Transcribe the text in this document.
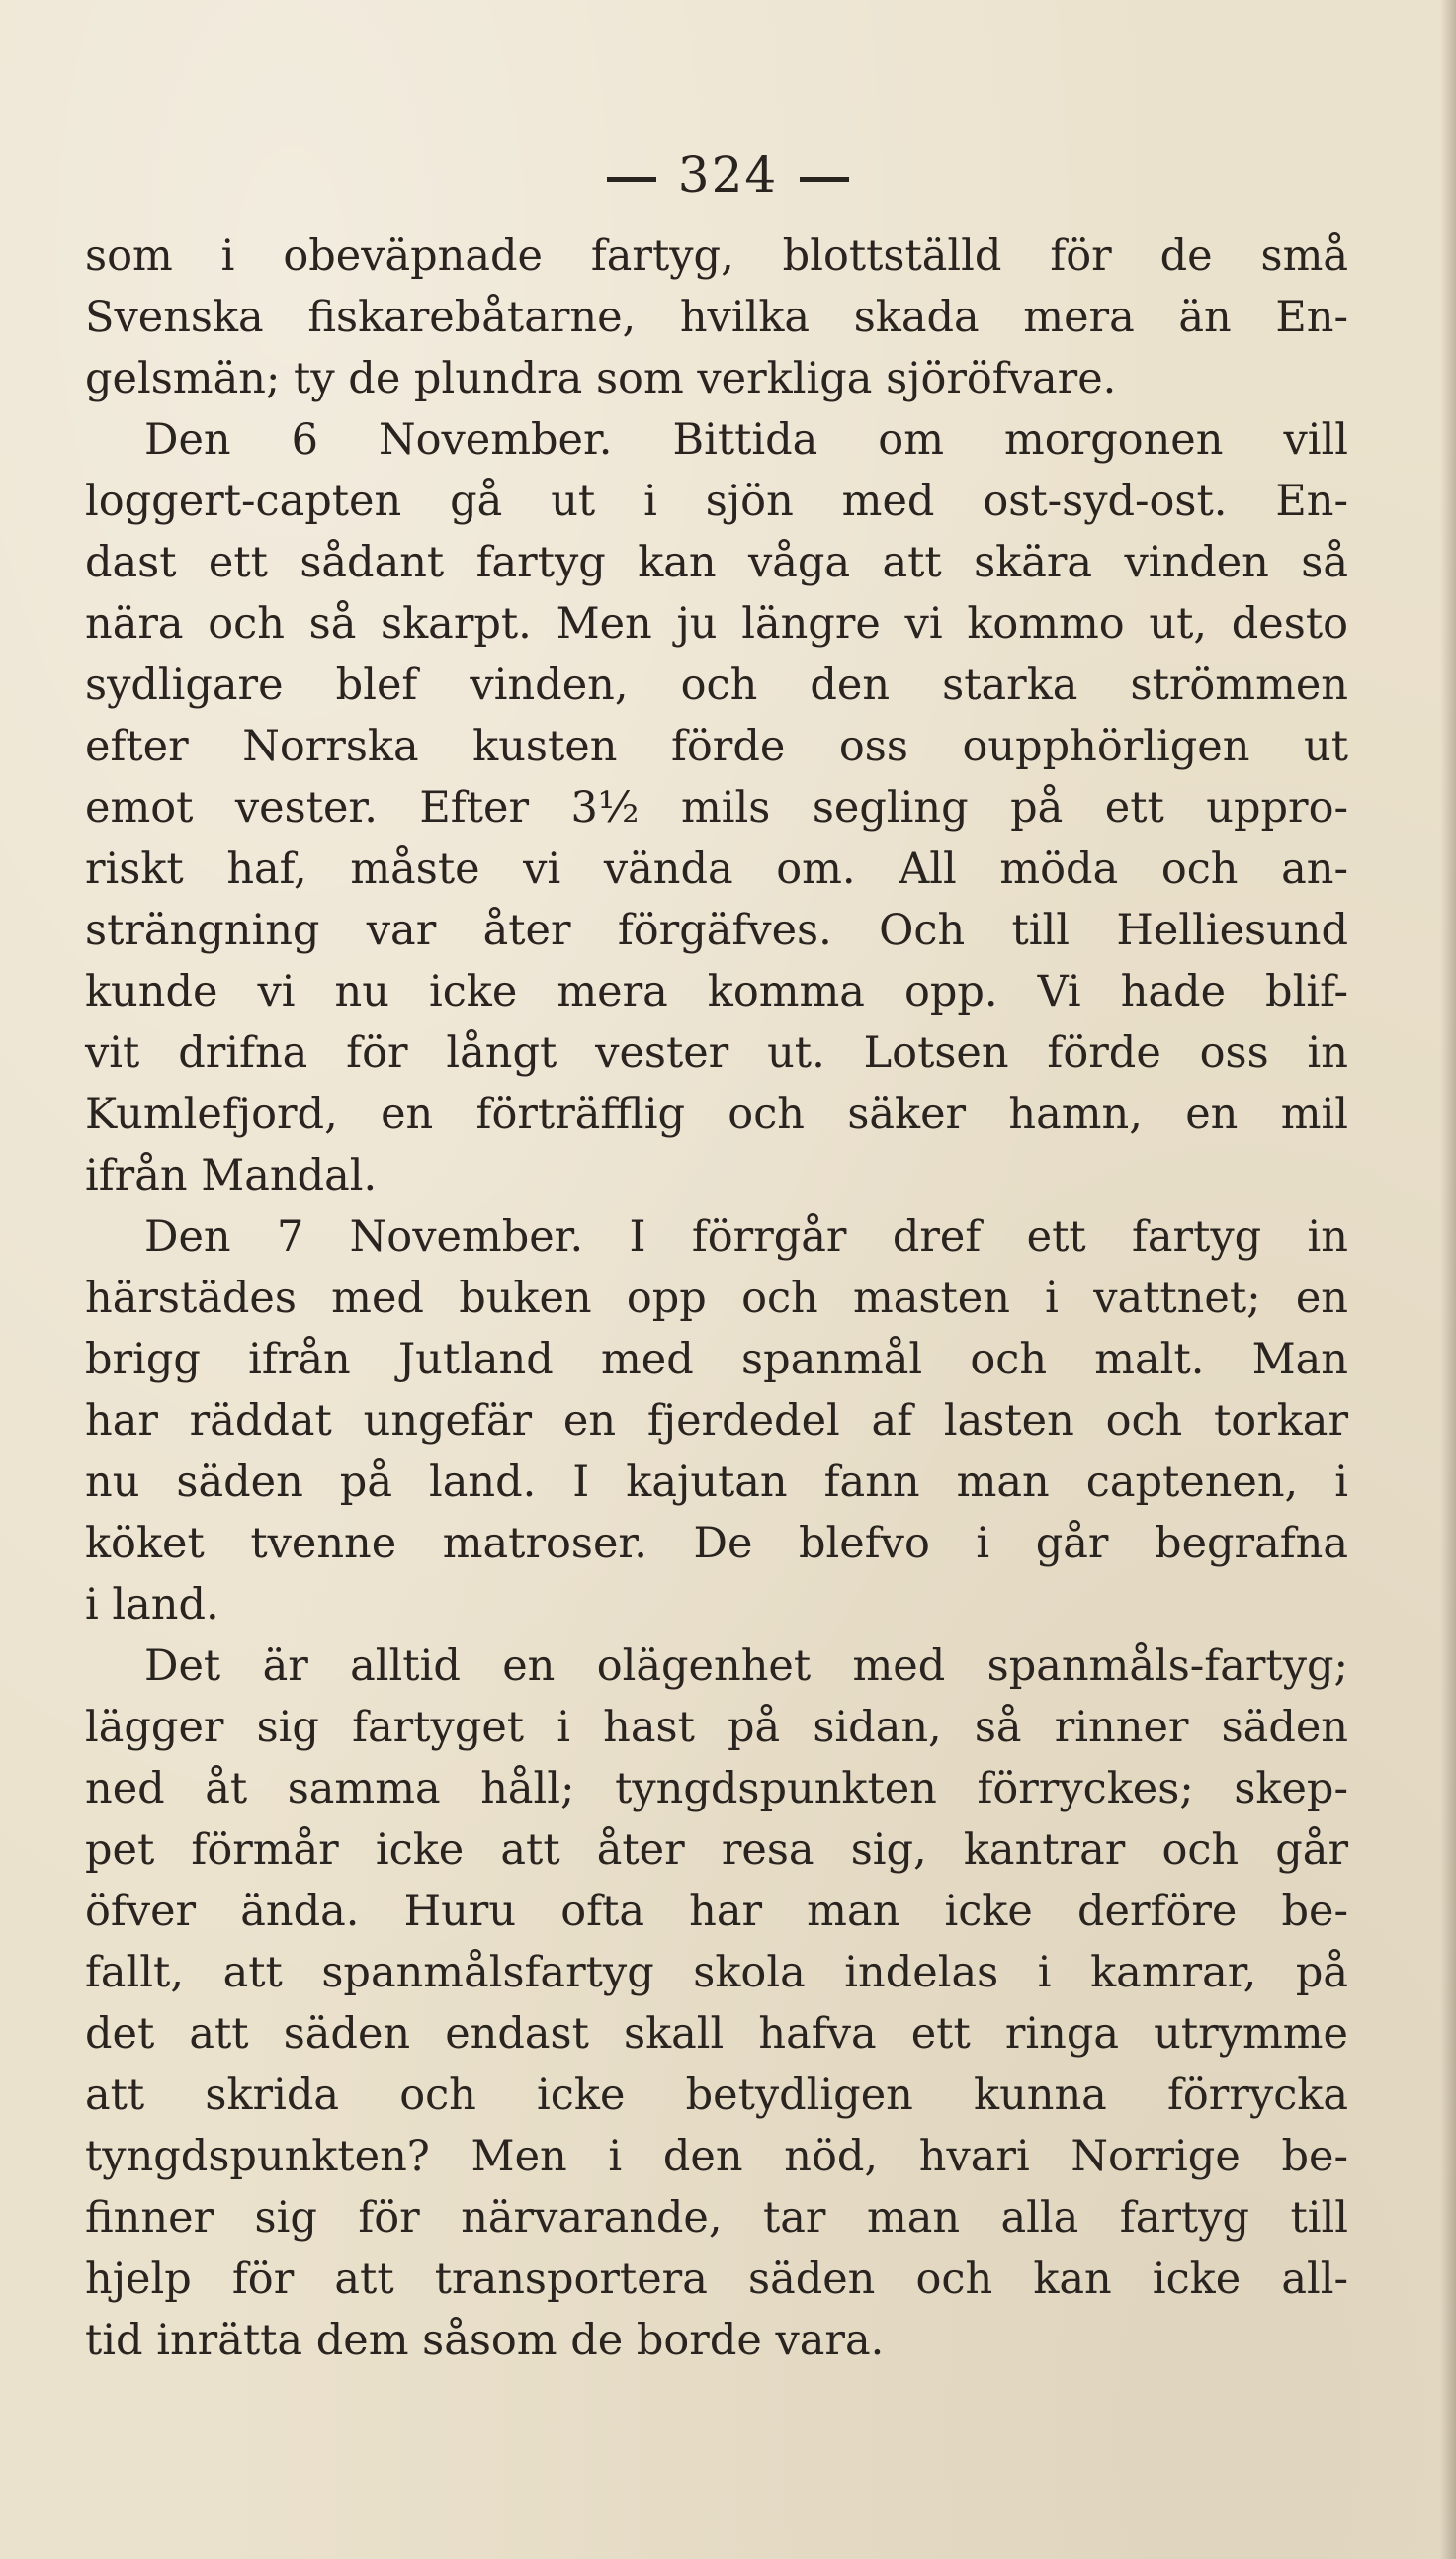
324
som i obeväpnade fartyg, blottställd för de små
Svenska fiskarebåtarne, hvilka skada mera än En-
gelsmän; ty de plundra som verkliga sjöröfvare.
Den 6 November. Bittida om morgonen vill
loggert-capten gå ut i sjön med ost-syd-ost. En-
dast ett sådant fartyg kan våga att skära vinden så
nära och så skarpt. Men ju längre vi kommo ut, desto
sydligare blef vinden, och den starka strömmen
efter Norrska kusten förde oss oupphörligen ut
emot vester. Efter 3½ mils segling på ett uppro-
riskt haf, måste vi vända om. All möda och an-
strängning var åter förgäfves. Och till Helliesund
kunde vi nu icke mera komma opp. Vi hade blif-
vit drifna för långt vester ut. Lotsen förde oss in
Kumlefjord, en förträfflig och säker hamn, en mil
ifrån Mandal.
Den 7 November. I förrgår dref ett fartyg in
härstädes med buken opp och masten i vattnet; en
brigg ifrån Jutland med spanmål och malt. Man
har räddat ungefär en fjerdedel af lasten och torkar
nu säden på land. I kajutan fann man captenen, i
köket tvenne matroser. De blefvo i går begrafna
i land.
Det är alltid en olägenhet med spanmåls-fartyg;
lägger sig fartyget i hast på sidan, så rinner säden
ned åt samma håll; tyngdspunkten förryckes; skep-
pet förmår icke att åter resa sig, kantrar och går
öfver ända. Huru ofta har man icke derföre be-
fallt, att spanmålsfartyg skola indelas i kamrar, på
det att säden endast skall hafva ett ringa utrymme
att skrida och icke betydligen kunna förrycka
tyngdspunkten? Men i den nöd, hvari Norrige be-
finner sig för närvarande, tar man alla fartyg till
hjelp för att transportera säden och kan icke all-
tid inrätta dem såsom de borde vara.
